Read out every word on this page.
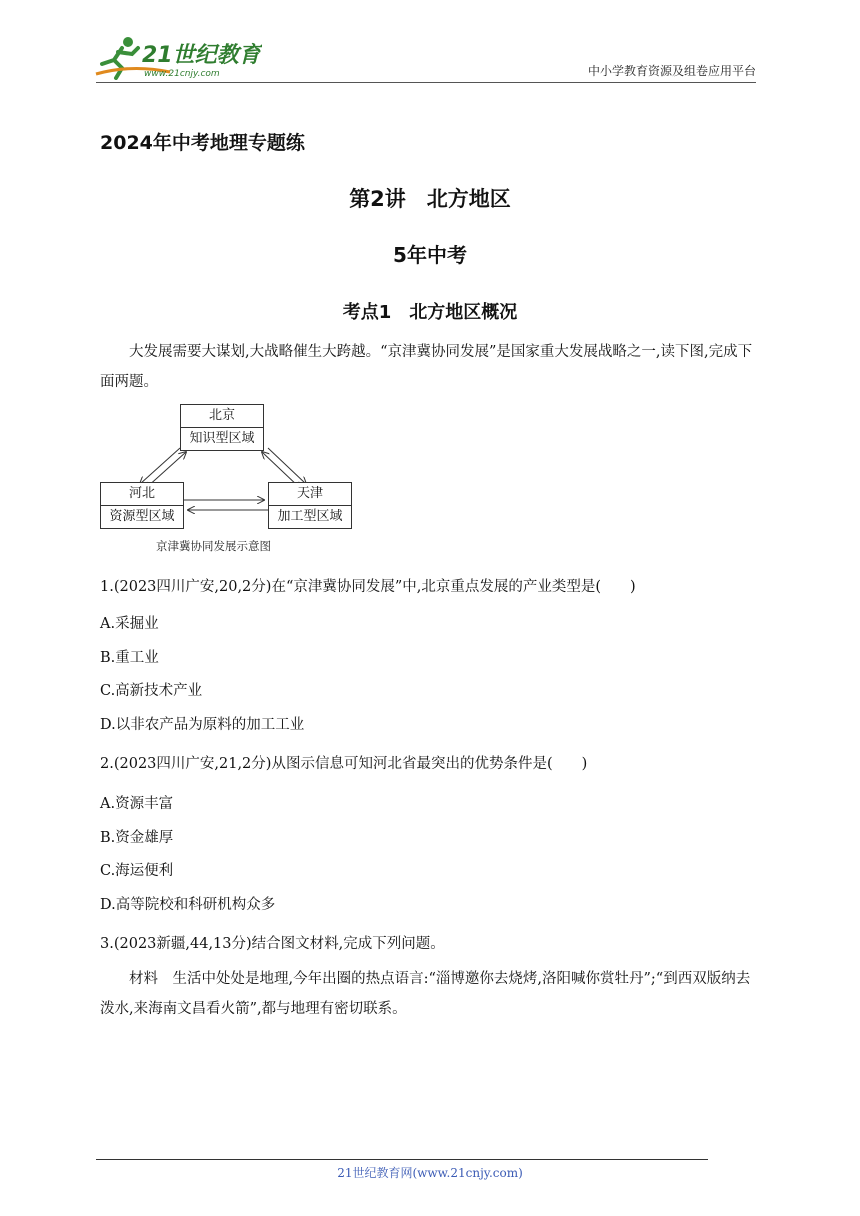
21世纪教育
www.21cnjy.com	中小学教育资源及组卷应用平台
2024年中考地理专题练
第2讲　北方地区
5年中考
考点1　北方地区概况
大发展需要大谋划,大战略催生大跨越。“京津冀协同发展”是国家重大发展战略之一,读下图,完成下面两题。
北京
知识型区域
河北
资源型区域
天津
加工型区域
京津冀协同发展示意图
1.(2023四川广安,20,2分)在“京津冀协同发展”中,北京重点发展的产业类型是(　　)
A.采掘业
B.重工业
C.高新技术产业
D.以非农产品为原料的加工工业
2.(2023四川广安,21,2分)从图示信息可知河北省最突出的优势条件是(　　)
A.资源丰富
B.资金雄厚
C.海运便利
D.高等院校和科研机构众多
3.(2023新疆,44,13分)结合图文材料,完成下列问题。
材料　生活中处处是地理,今年出圈的热点语言:“淄博邀你去烧烤,洛阳喊你赏牡丹”;“到西双版纳去泼水,来海南文昌看火箭”,都与地理有密切联系。
21世纪教育网(www.21cnjy.com)
